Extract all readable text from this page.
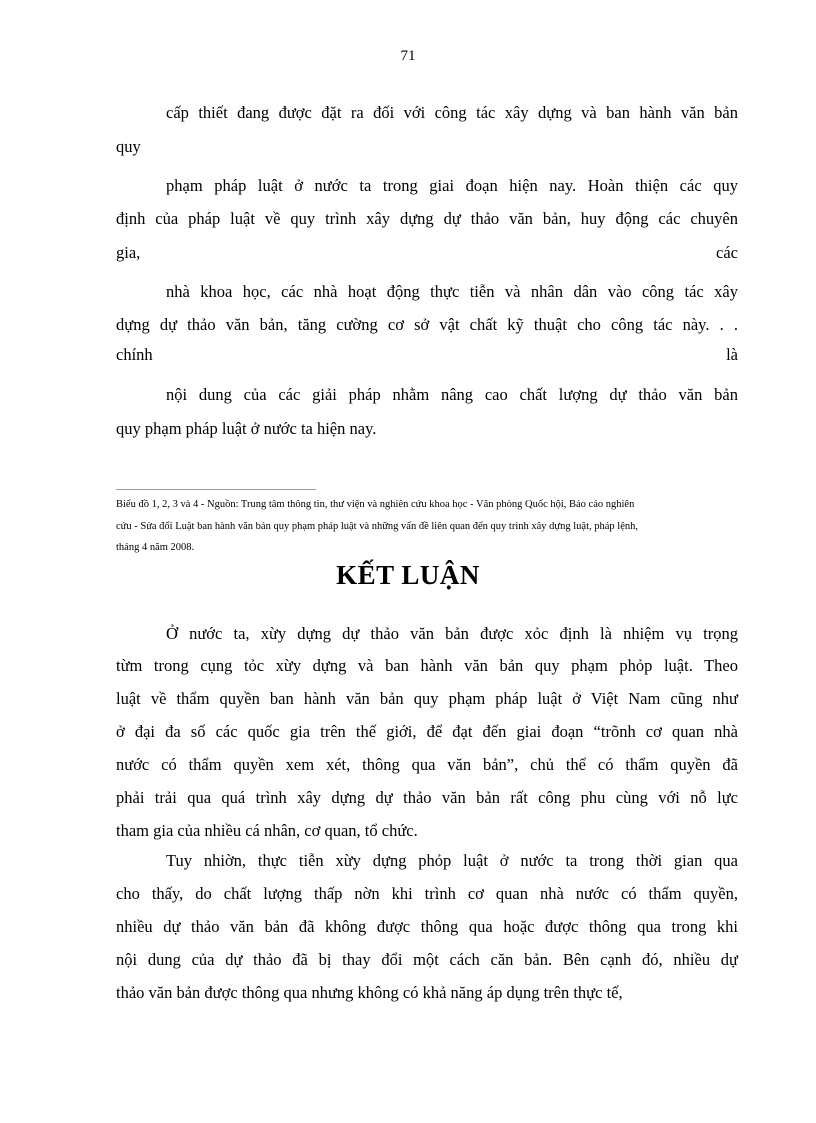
71
cấp thiết đang được đặt ra đối với công tác xây dựng và ban hành văn bản
quy
phạm pháp luật ở nước ta trong giai đoạn hiện nay. Hoàn thiện các quy
định của pháp luật về quy trình xây dựng dự thảo văn bản, huy động các chuyên
gia,	các
nhà khoa học, các nhà hoạt động thực tiễn và nhân dân vào công tác xây
dựng dự thảo văn bản, tăng cường cơ sở vật chất kỹ thuật cho công tác này. . .
chính	là
nội dung của các giải pháp nhằm nâng cao chất lượng dự thảo văn bản
quy phạm pháp luật ở nước ta hiện nay.
Biểu đồ 1, 2, 3 và 4 - Nguồn: Trung tâm thông tin, thư viện và nghiên cứu khoa học - Văn phòng Quốc hội, Báo cáo nghiên
cứu - Sửa đổi Luật ban hành văn bản quy phạm pháp luật và những vấn đề liên quan đến quy trình xây dựng luật, pháp lệnh,
tháng 4 năm 2008.
KẾT LUẬN
Ở nước ta, xừy dựng dự thảo văn bản được xỏc định là nhiệm vụ trọng
từm trong cụng tỏc xừy dựng và ban hành văn bản quy phạm phỏp luật. Theo
luật về thẩm quyền ban hành văn bản quy phạm pháp luật ở Việt Nam cũng như
ở đại đa số các quốc gia trên thế giới, để đạt đến giai đoạn “trõnh cơ quan nhà
nước có thẩm quyền xem xét, thông qua văn bản”, chủ thể có thẩm quyền đã
phải trải qua quá trình xây dựng dự thảo văn bản rất công phu cùng với nỗ lực
tham gia của nhiều cá nhân, cơ quan, tổ chức.
Tuy nhiờn, thực tiễn xừy dựng phỏp luật ở nước ta trong thời gian qua
cho thấy, do chất lượng thấp nờn khi trình cơ quan nhà nước có thẩm quyền,
nhiều dự thảo văn bản đã không được thông qua hoặc được thông qua trong khi
nội dung của dự thảo đã bị thay đổi một cách căn bản. Bên cạnh đó, nhiều dự
thảo văn bản được thông qua nhưng không có khả năng áp dụng trên thực tế,
